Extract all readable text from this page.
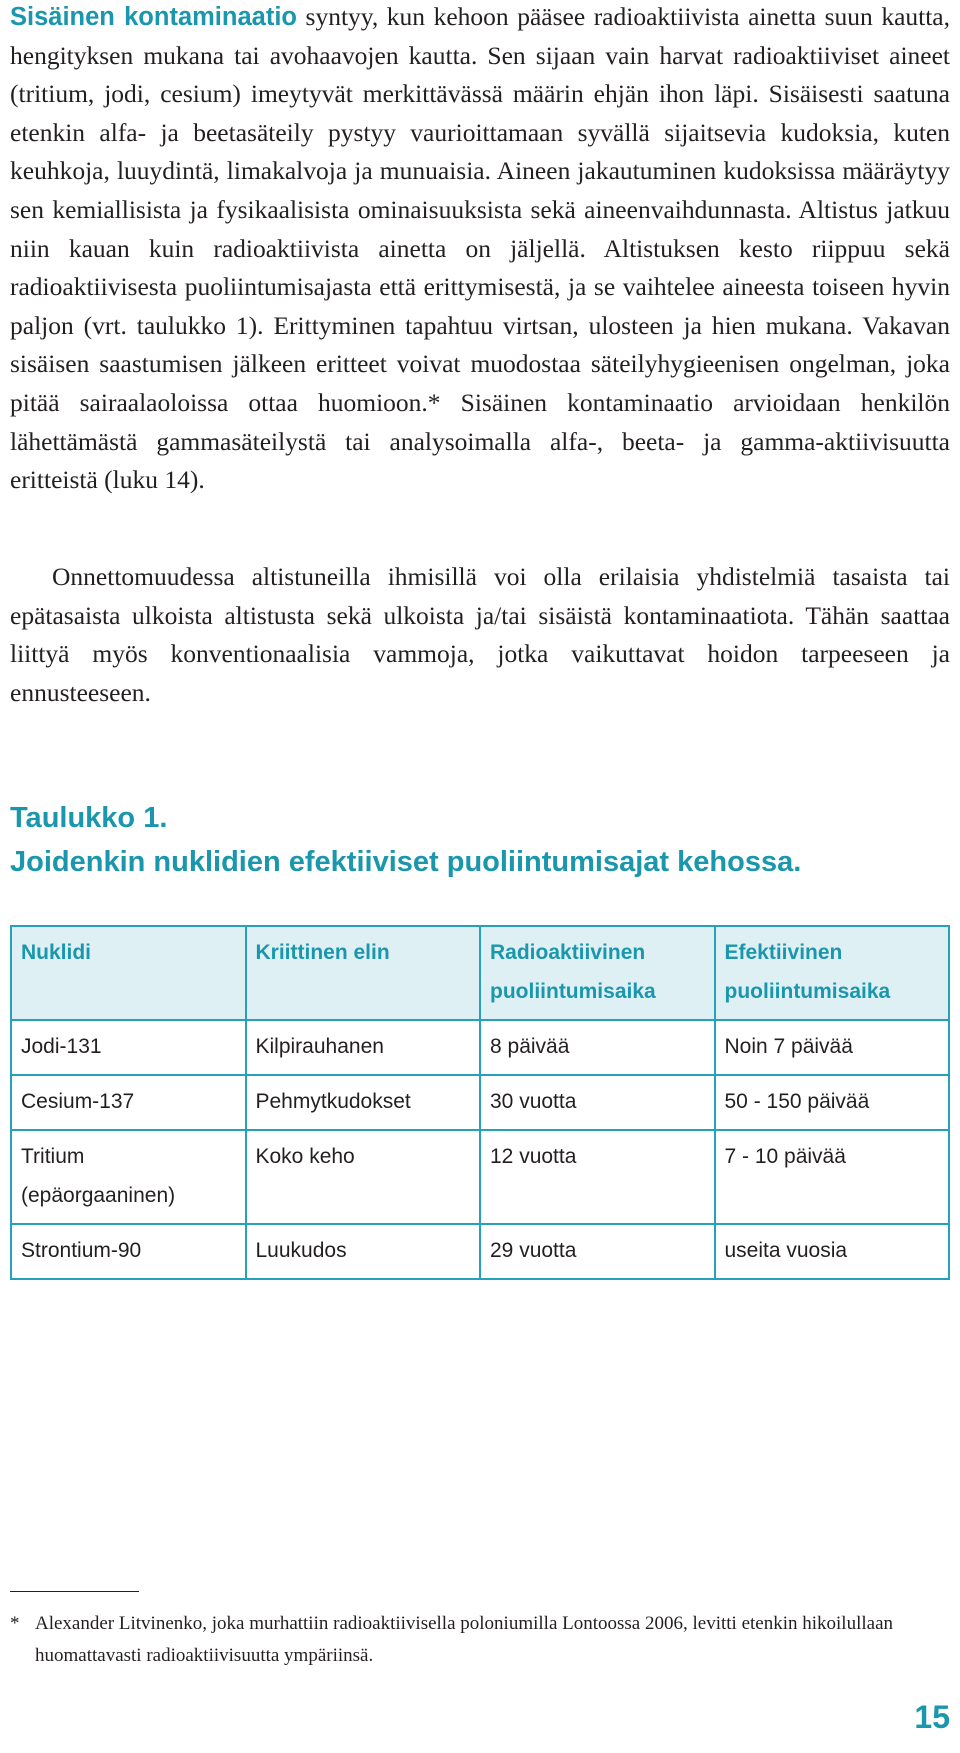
Sisäinen kontaminaatio syntyy, kun kehoon pääsee radioaktiivista ainetta suun kautta, hengityksen mukana tai avohaavojen kautta. Sen sijaan vain harvat radioaktiiviset aineet (tritium, jodi, cesium) imeytyvät merkittävässä määrin ehjän ihon läpi. Sisäisesti saatuna etenkin alfa- ja beetasäteily pystyy vaurioittamaan syvällä sijaitsevia kudoksia, kuten keuhkoja, luuydintä, limakalvoja ja munuaisia. Aineen jakautuminen kudoksissa määräytyy sen kemiallisista ja fysikaalisista ominaisuuksista sekä aineenvaihdunnasta. Altistus jatkuu niin kauan kuin radioaktiivista ainetta on jäljellä. Altistuksen kesto riippuu sekä radioaktiivisesta puoliintumisajasta että erittymisestä, ja se vaihtelee aineesta toiseen hyvin paljon (vrt. taulukko 1). Erittyminen tapahtuu virtsan, ulosteen ja hien mukana. Vakavan sisäisen saastumisen jälkeen eritteet voivat muodostaa säteilyhygieenisen ongelman, joka pitää sairaalaoloissa ottaa huomioon.* Sisäinen kontaminaatio arvioidaan henkilön lähettämästä gammasäteilystä tai analysoimalla alfa-, beeta- ja gamma-aktiivisuutta eritteistä (luku 14).

Onnettomuudessa altistuneilla ihmisillä voi olla erilaisia yhdistelmiä tasaista tai epätasaista ulkoista altistusta sekä ulkoista ja/tai sisäistä kontaminaatiota. Tähän saattaa liittyä myös konventionaalisia vammoja, jotka vaikuttavat hoidon tarpeeseen ja ennusteeseen.

Taulukko 1.
Joidenkin nuklidien efektiiviset puoliintumisajat kehossa.
Nuklidi	Kriittinen elin	Radioaktiivinen puoliintumisaika	Efektiivinen puoliintumisaika
Jodi-131	Kilpirauhanen	8 päivää	Noin 7 päivää
Cesium-137	Pehmytkudokset	30 vuotta	50 - 150 päivää
Tritium (epäorgaaninen)	Koko keho	12 vuotta	7 - 10 päivää
Strontium-90	Luukudos	29 vuotta	useita vuosia
* Alexander Litvinenko, joka murhattiin radioaktiivisella poloniumilla Lontoossa 2006, levitti etenkin hikoilullaan huomattavasti radioaktiivisuutta ympäriinsä.
15
